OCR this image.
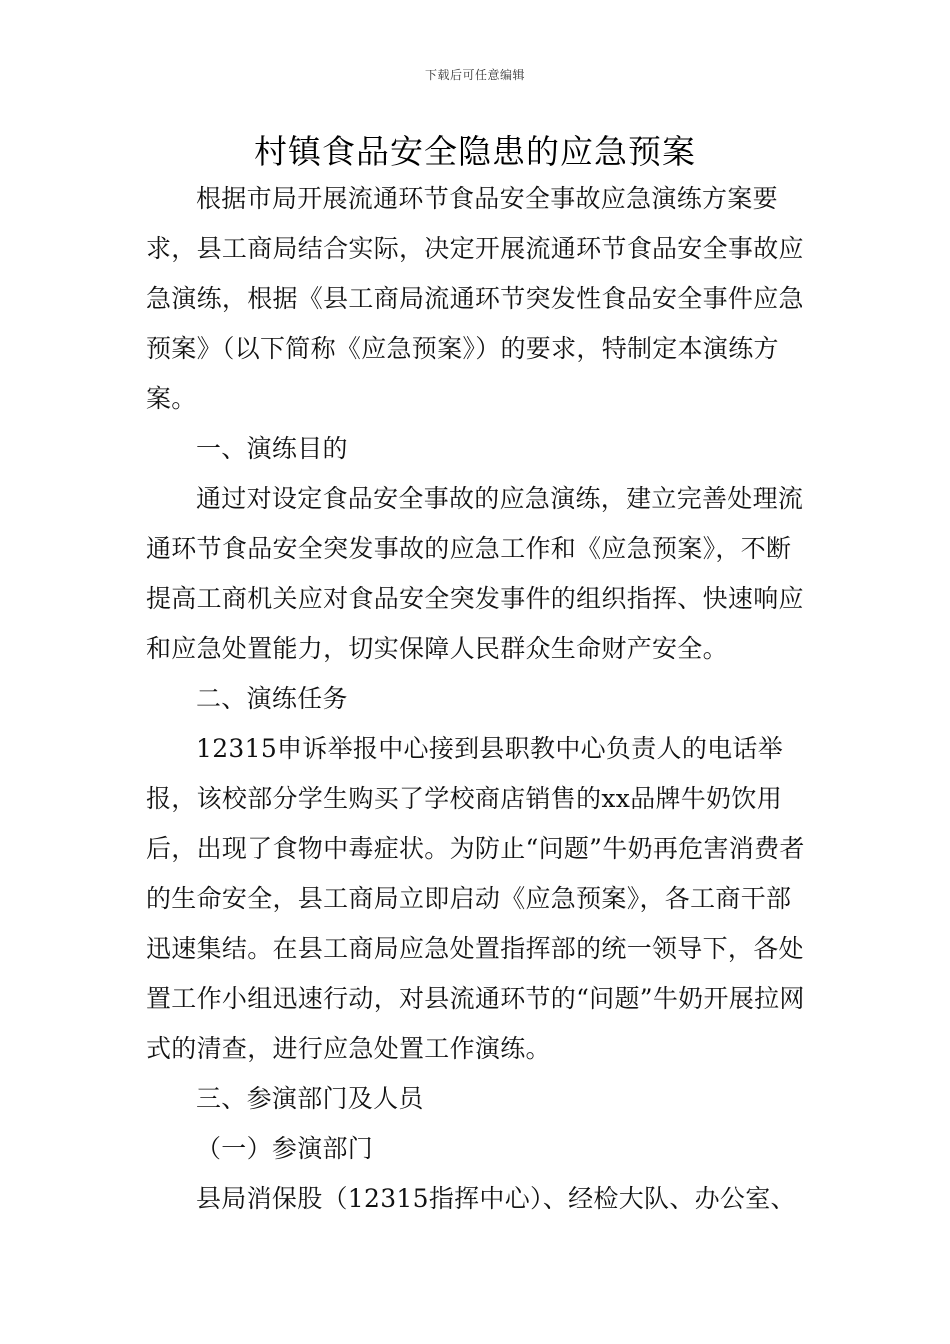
下载后可任意编辑
村镇食品安全隐患的应急预案

根据市局开展流通环节食品安全事故应急演练方案要求，县工商局结合实际，决定开展流通环节食品安全事故应急演练，根据《县工商局流通环节突发性食品安全事件应急预案》（以下简称《应急预案》）的要求，特制定本演练方案。

一、演练目的

通过对设定食品安全事故的应急演练，建立完善处理流通环节食品安全突发事故的应急工作和《应急预案》，不断提高工商机关应对食品安全突发事件的组织指挥、快速响应和应急处置能力，切实保障人民群众生命财产安全。

二、演练任务

12315申诉举报中心接到县职教中心负责人的电话举报，该校部分学生购买了学校商店销售的xx品牌牛奶饮用后，出现了食物中毒症状。为防止“问题”牛奶再危害消费者的生命安全，县工商局立即启动《应急预案》，各工商干部迅速集结。在县工商局应急处置指挥部的统一领导下，各处置工作小组迅速行动，对县流通环节的“问题”牛奶开展拉网式的清查，进行应急处置工作演练。

三、参演部门及人员

（一）参演部门

县局消保股（12315指挥中心）、经检大队、办公室、
